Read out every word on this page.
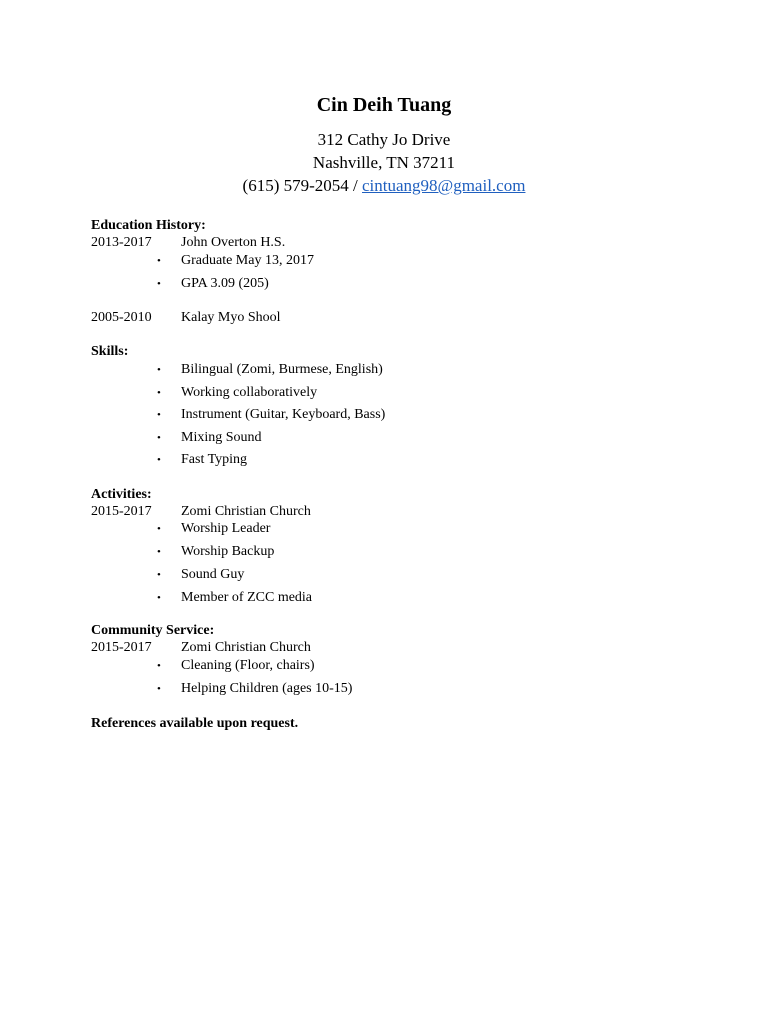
Cin Deih Tuang
312 Cathy Jo Drive
Nashville, TN 37211
(615) 579-2054 / cintuang98@gmail.com
Education History:
2013-2017 John Overton H.S.
• Graduate May 13, 2017
• GPA 3.09 (205)
2005-2010 Kalay Myo Shool
Skills:
• Bilingual (Zomi, Burmese, English)
• Working collaboratively
• Instrument (Guitar, Keyboard, Bass)
• Mixing Sound
• Fast Typing
Activities:
2015-2017 Zomi Christian Church
• Worship Leader
• Worship Backup
• Sound Guy
• Member of ZCC media
Community Service:
2015-2017 Zomi Christian Church
• Cleaning (Floor, chairs)
• Helping Children (ages 10-15)
References available upon request.
